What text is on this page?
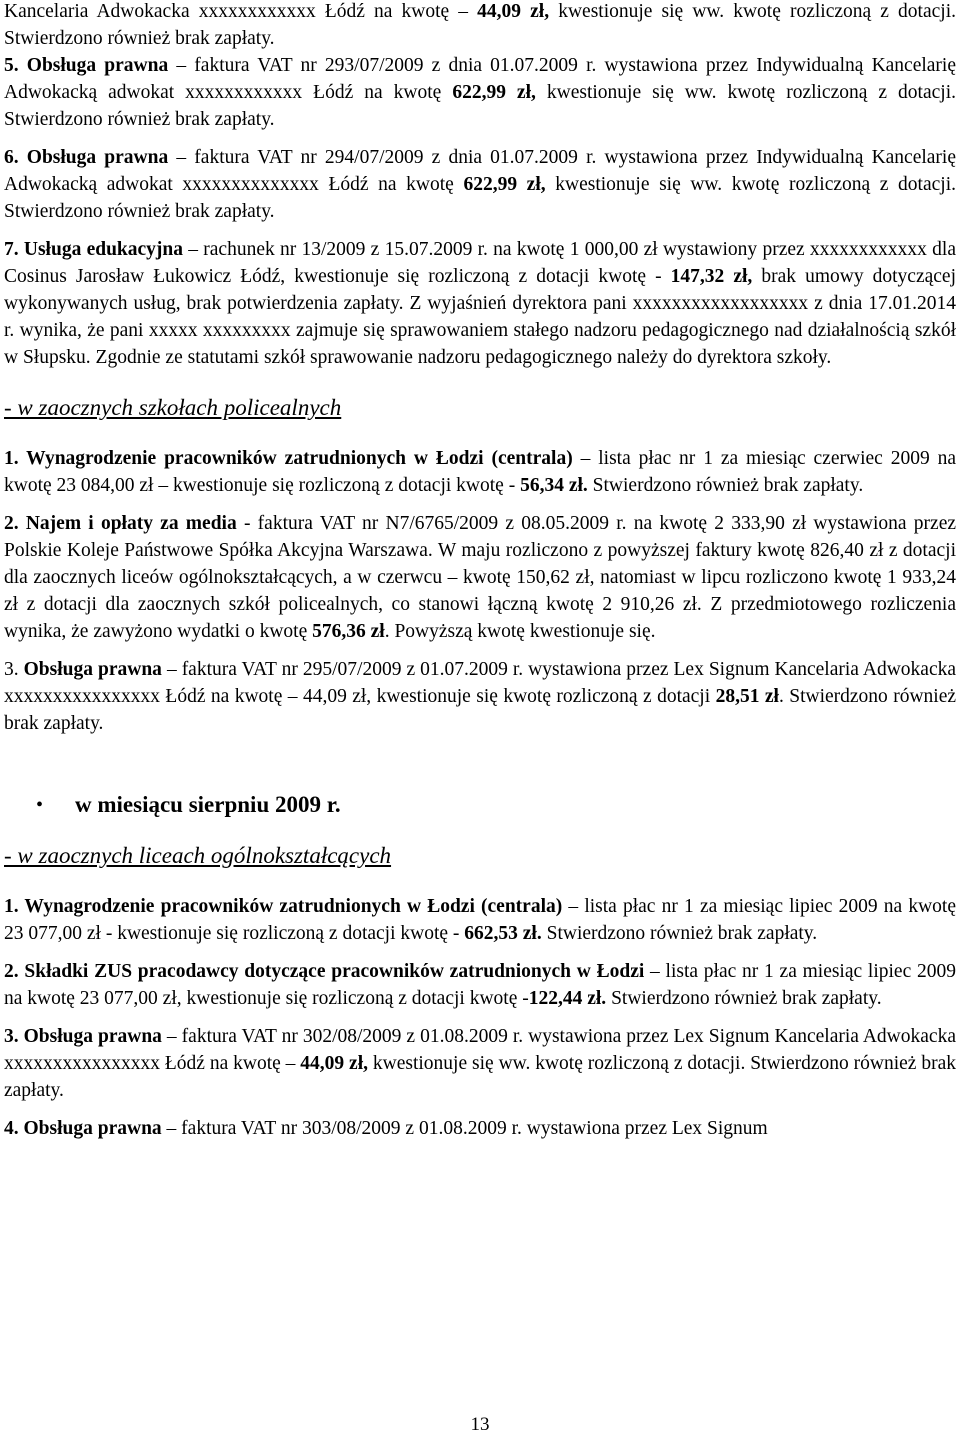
Kancelaria Adwokacka xxxxxxxxxxxx Łódź na kwotę – 44,09 zł, kwestionuje się ww. kwotę rozliczoną z dotacji. Stwierdzono również brak zapłaty.

5. Obsługa prawna – faktura VAT nr 293/07/2009 z dnia 01.07.2009 r. wystawiona przez Indywidualną Kancelarię Adwokacką adwokat xxxxxxxxxxxx Łódź na kwotę 622,99 zł, kwestionuje się ww. kwotę rozliczoną z dotacji. Stwierdzono również brak zapłaty.

6. Obsługa prawna – faktura VAT nr 294/07/2009 z dnia 01.07.2009 r. wystawiona przez Indywidualną Kancelarię Adwokacką adwokat xxxxxxxxxxxxxx Łódź na kwotę 622,99 zł, kwestionuje się ww. kwotę rozliczoną z dotacji. Stwierdzono również brak zapłaty.

7. Usługa edukacyjna – rachunek nr 13/2009 z 15.07.2009 r. na kwotę 1 000,00 zł wystawiony przez xxxxxxxxxxxx dla Cosinus Jarosław Łukowicz Łódź, kwestionuje się rozliczoną z dotacji kwotę - 147,32 zł, brak umowy dotyczącej wykonywanych usług, brak potwierdzenia zapłaty. Z wyjaśnień dyrektora pani xxxxxxxxxxxxxxxxxx z dnia 17.01.2014 r. wynika, że pani xxxxx xxxxxxxxx zajmuje się sprawowaniem stałego nadzoru pedagogicznego nad działalnością szkół w Słupsku. Zgodnie ze statutami szkół sprawowanie nadzoru pedagogicznego należy do dyrektora szkoły.

- w zaocznych szkołach policealnych

1. Wynagrodzenie pracowników zatrudnionych w Łodzi (centrala) – lista płac nr 1 za miesiąc czerwiec 2009 na kwotę 23 084,00 zł – kwestionuje się rozliczoną z dotacji kwotę - 56,34 zł. Stwierdzono również brak zapłaty.

2. Najem i opłaty za media - faktura VAT nr N7/6765/2009 z 08.05.2009 r. na kwotę 2 333,90 zł wystawiona przez Polskie Koleje Państwowe Spółka Akcyjna Warszawa. W maju rozliczono z powyższej faktury kwotę 826,40 zł z dotacji dla zaocznych liceów ogólnokształcących, a w czerwcu – kwotę 150,62 zł, natomiast w lipcu rozliczono kwotę 1 933,24 zł z dotacji dla zaocznych szkół policealnych, co stanowi łączną kwotę 2 910,26 zł. Z przedmiotowego rozliczenia wynika, że zawyżono wydatki o kwotę 576,36 zł. Powyższą kwotę kwestionuje się.

3. Obsługa prawna – faktura VAT nr 295/07/2009 z 01.07.2009 r. wystawiona przez Lex Signum Kancelaria Adwokacka xxxxxxxxxxxxxxxx Łódź na kwotę – 44,09 zł, kwestionuje się kwotę rozliczoną z dotacji 28,51 zł. Stwierdzono również brak zapłaty.

• w miesiącu sierpniu 2009 r.

- w zaocznych liceach ogólnokształcących

1. Wynagrodzenie pracowników zatrudnionych w Łodzi (centrala) – lista płac nr 1 za miesiąc lipiec 2009 na kwotę 23 077,00 zł - kwestionuje się rozliczoną z dotacji kwotę - 662,53 zł. Stwierdzono również brak zapłaty.

2. Składki ZUS pracodawcy dotyczące pracowników zatrudnionych w Łodzi – lista płac nr 1 za miesiąc lipiec 2009 na kwotę 23 077,00 zł, kwestionuje się rozliczoną z dotacji kwotę -122,44 zł. Stwierdzono również brak zapłaty.

3. Obsługa prawna – faktura VAT nr 302/08/2009 z 01.08.2009 r. wystawiona przez Lex Signum Kancelaria Adwokacka xxxxxxxxxxxxxxxx Łódź na kwotę – 44,09 zł, kwestionuje się ww. kwotę rozliczoną z dotacji. Stwierdzono również brak zapłaty.

4. Obsługa prawna – faktura VAT nr 303/08/2009 z 01.08.2009 r. wystawiona przez Lex Signum

13
